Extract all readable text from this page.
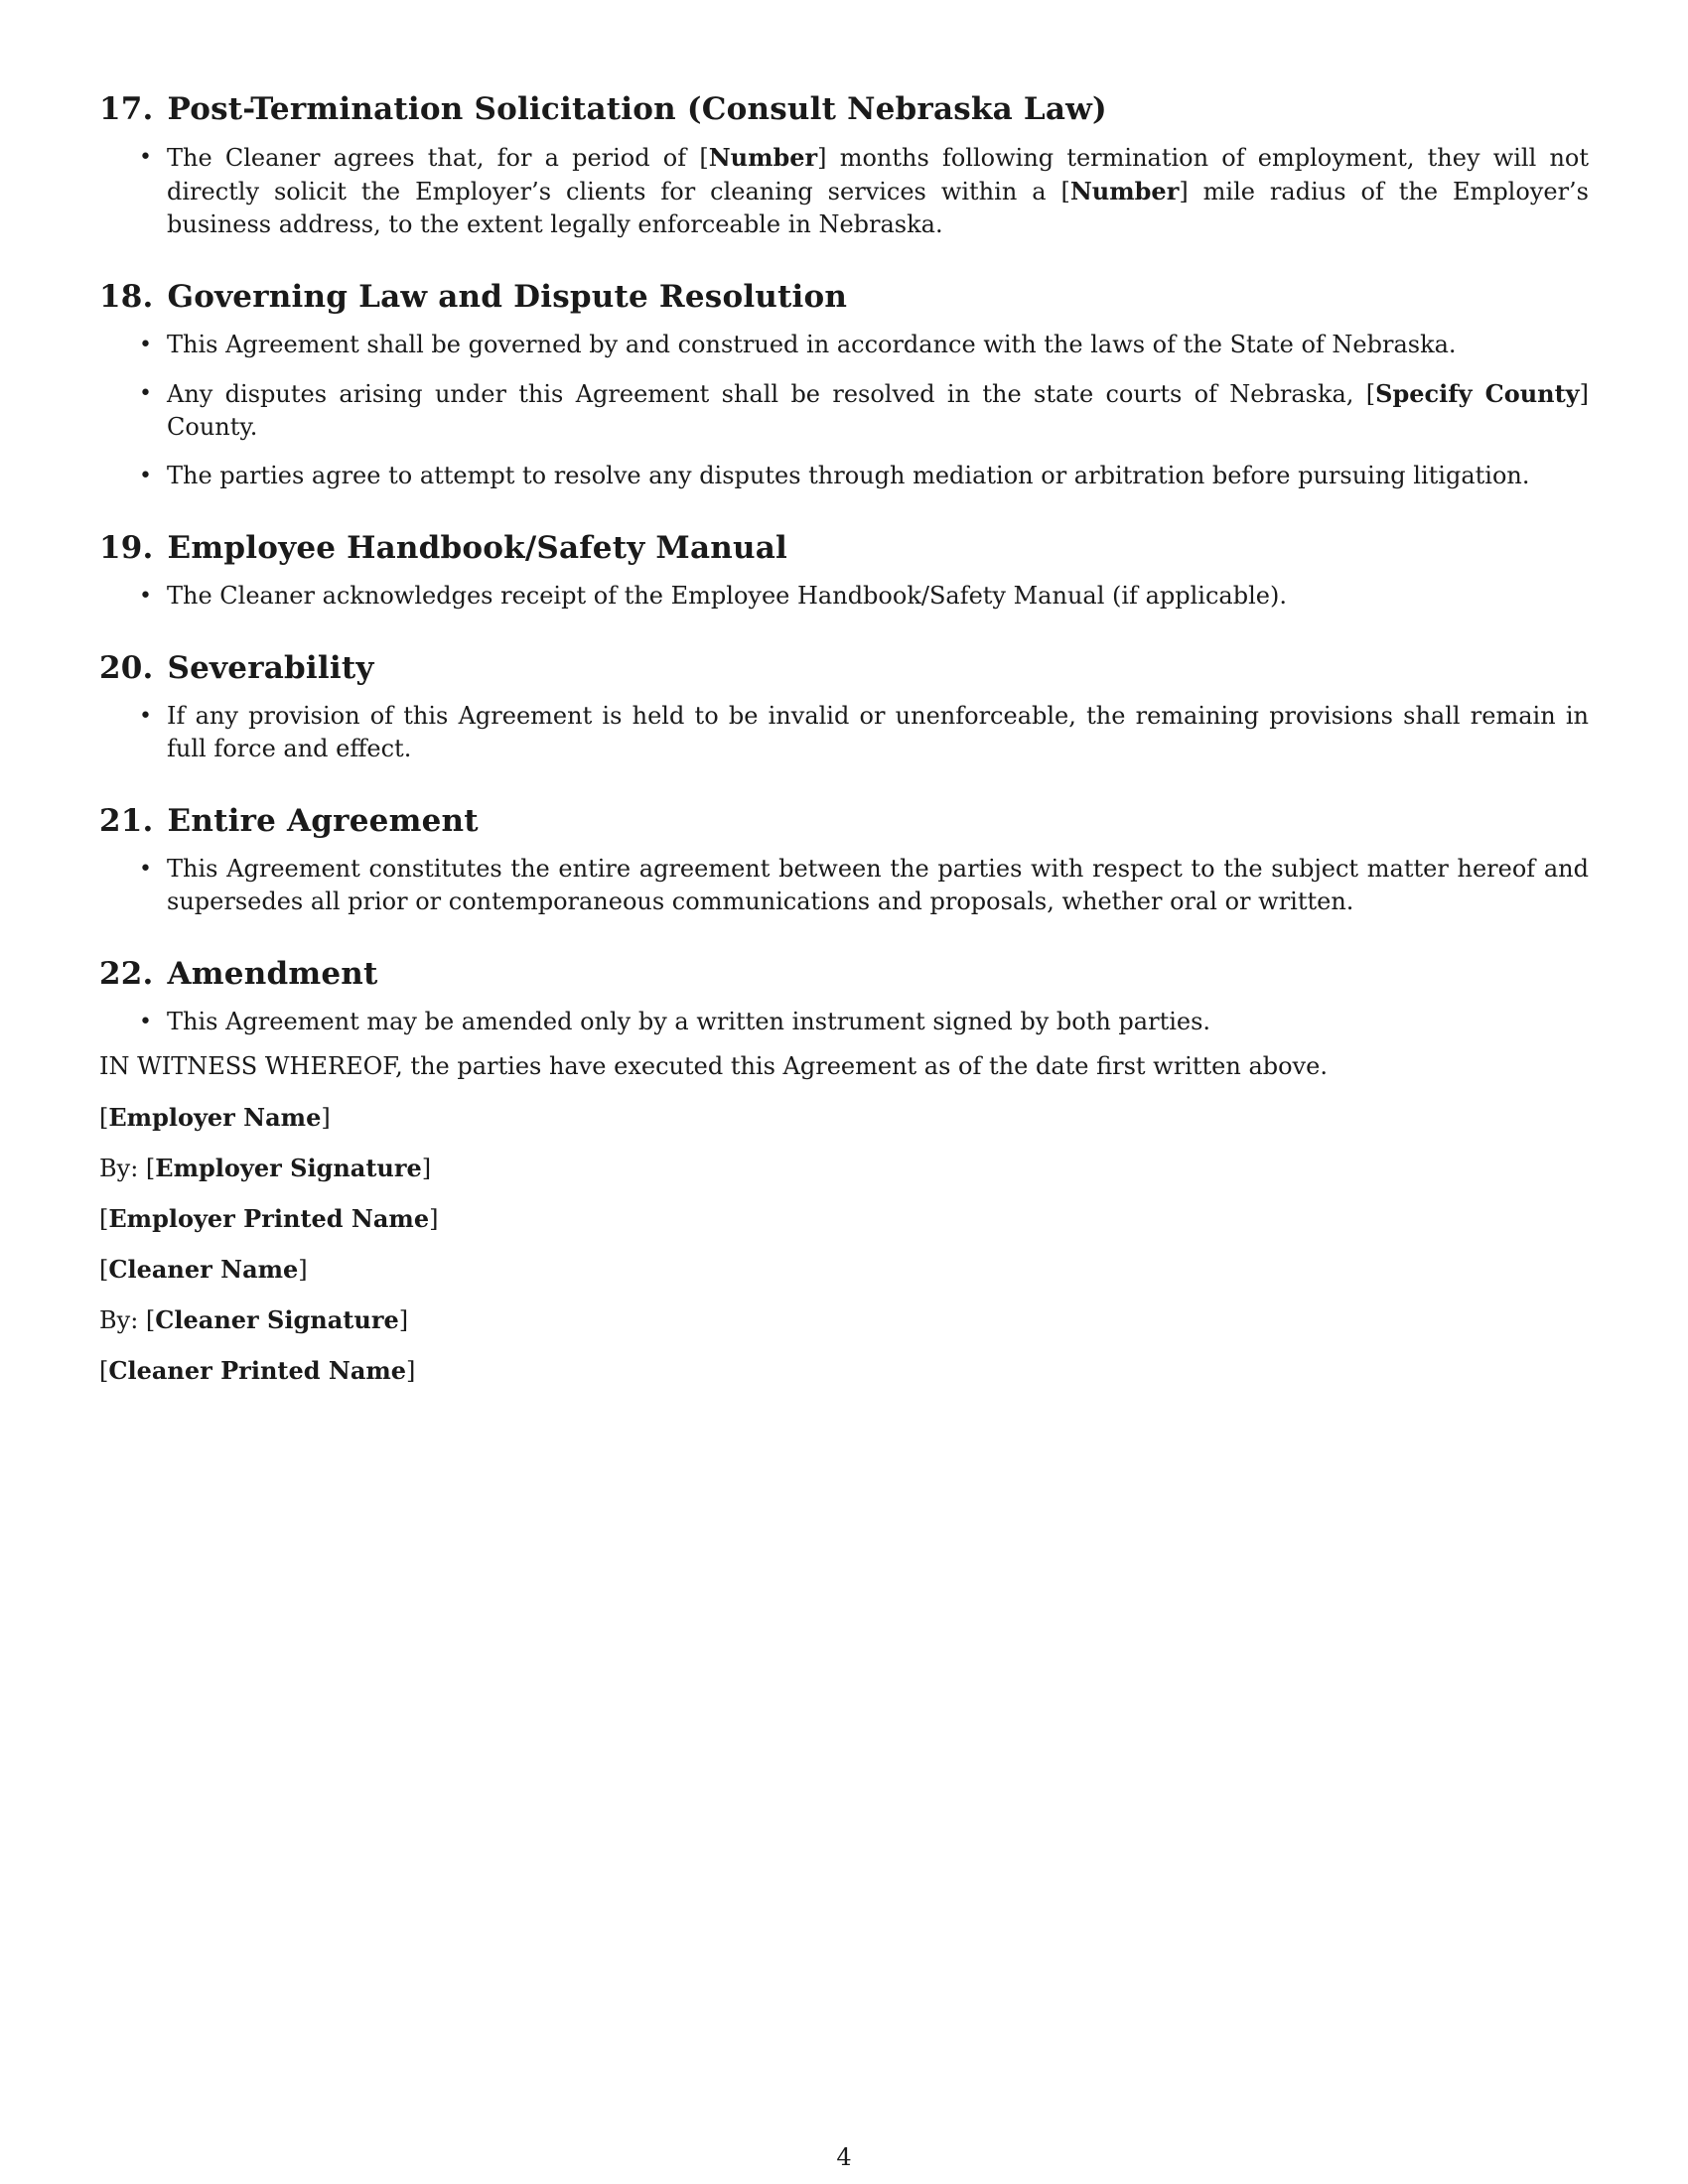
17. Post-Termination Solicitation (Consult Nebraska Law)
• The Cleaner agrees that, for a period of [Number] months following termination of employment, they will not directly solicit the Employer’s clients for cleaning services within a [Number] mile radius of the Employer’s business address, to the extent legally enforceable in Nebraska.
18. Governing Law and Dispute Resolution
• This Agreement shall be governed by and construed in accordance with the laws of the State of Nebraska.
• Any disputes arising under this Agreement shall be resolved in the state courts of Nebraska, [Specify County] County.
• The parties agree to attempt to resolve any disputes through mediation or arbitration before pursuing litigation.
19. Employee Handbook/Safety Manual
• The Cleaner acknowledges receipt of the Employee Handbook/Safety Manual (if applicable).
20. Severability
• If any provision of this Agreement is held to be invalid or unenforceable, the remaining provisions shall remain in full force and effect.
21. Entire Agreement
• This Agreement constitutes the entire agreement between the parties with respect to the subject matter hereof and supersedes all prior or contemporaneous communications and proposals, whether oral or written.
22. Amendment
• This Agreement may be amended only by a written instrument signed by both parties.

IN WITNESS WHEREOF, the parties have executed this Agreement as of the date first written above.

[Employer Name]

By: [Employer Signature]

[Employer Printed Name]

[Cleaner Name]

By: [Cleaner Signature]

[Cleaner Printed Name]

4
